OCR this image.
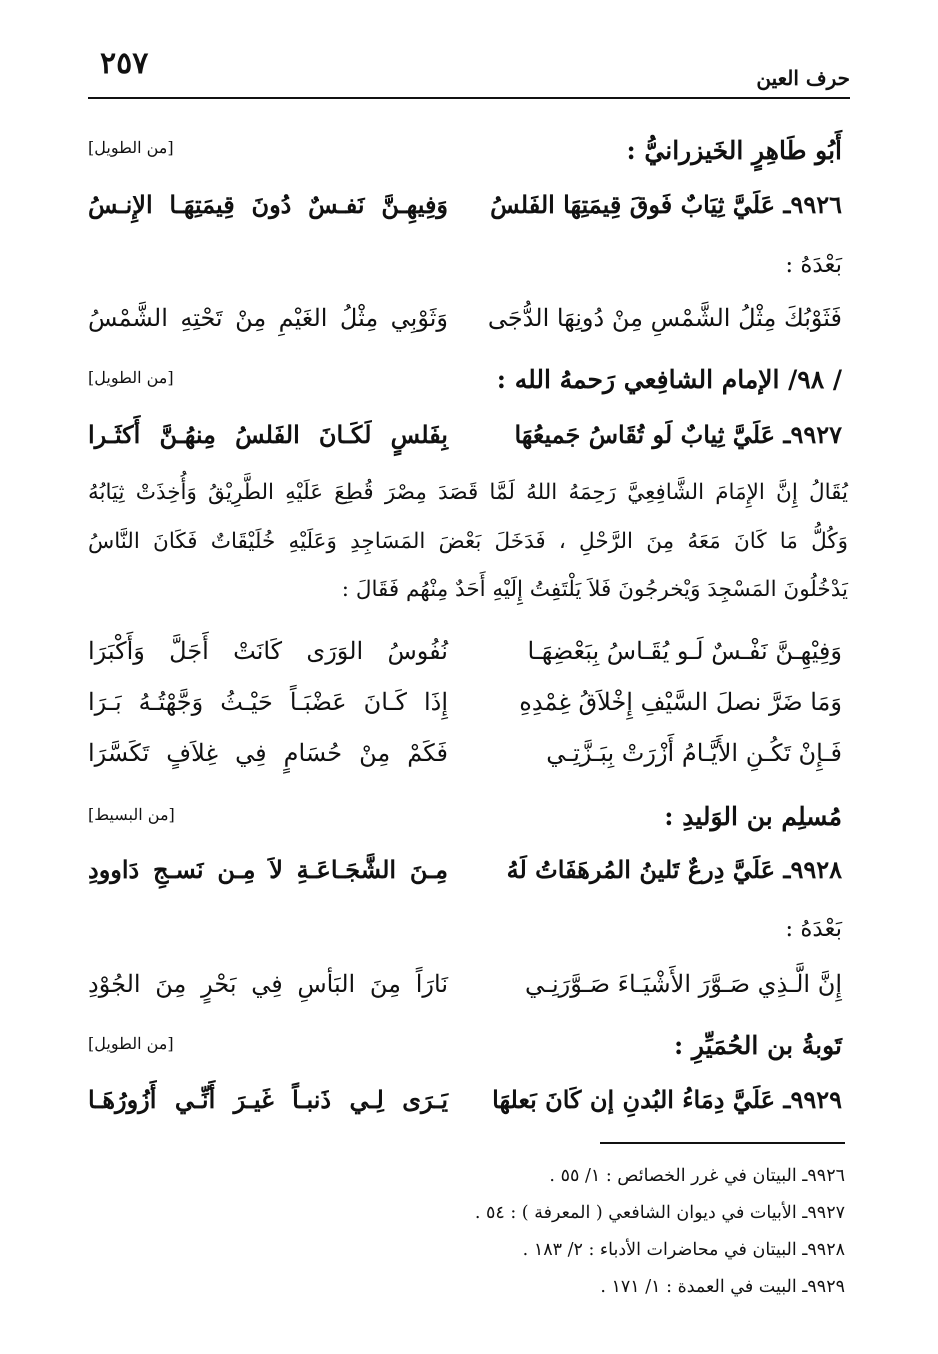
٢٥٧	حرف العين
أَبُو طَاهِرٍ الخَيزرانيُّ :
[من الطويل]
٩٩٢٦ـ عَلَيَّ ثِيَابٌ فَوقَ قِيمَتِهَا الفَلسُ
وَفِيهِـنَّ نَفـسٌ دُونَ قِيمَتِهَـا الإِنـسُ
بَعْدَهُ :
فَثَوْبُكَ مِثْلُ الشَّمْسِ مِنْ دُونِهَا الدُّجَى
وَثَوْبِي مِثْلُ الغَيْمِ مِنْ تَحْتِهِ الشَّمْسُ
/ ٩٨/ الإمام الشافِعي رَحمهُ الله :
[من الطويل]
٩٩٢٧ـ عَلَيَّ ثِيابٌ لَو تُقَاسُ جَميعُهَا
بِفَلسٍ لَكَـانَ الفَلسُ مِنهُـنَّ أَكثَـرا
يُقَالُ إِنَّ الإِمَامَ الشَّافِعِيَّ رَحِمَهُ اللهُ لَمَّا قَصَدَ مِصْرَ قُطِعَ عَلَيْهِ الطَّرِيْقُ وَأُخِذَتْ ثِيَابُهُ
وَكُلُّ مَا كَانَ مَعَهُ مِنَ الرَّحْلِ ، فَدَخَلَ بَعْضَ المَسَاجِدِ وَعَلَيْهِ خُلَيْقَاتٌ فَكَانَ النَّاسُ
يَدْخُلُونَ المَسْجِدَ وَيْخرجُونَ فَلاَ يَلْتَفِتُ إِلَيْهِ أَحَدٌ مِنْهُم فَقَالَ :
وَفِيْهِـنَّ نَفْـسٌ لَـو يُقَـاسُ بِبَعْضِهَـا
نُفُوسُ الوَرَى كَانَتْ أَجَلَّ وَأَكْبَرَا
وَمَا ضَرَّ نصلَ السَّيْفِ إِخْلاَقُ غِمْدِهِ
إِذَا كَـانَ عَضْبَـاً حَيْـثُ وَجَّهْتُـهُ بَـرَا
فَـإِنْ تَكُـنِ الأَيَّـامُ أَزْرَتْ بِبَـزَّتِـي
فَكَمْ مِنْ حُسَامٍ فِي غِلاَفٍ تَكَسَّرَا
مُسلِم بن الوَليدِ :
[من البسيط]
٩٩٢٨ـ عَلَيَّ دِرعٌ تَلينُ المُرهَفَاتُ لَهُ
مِـنَ الشَّجَـاعَـةِ لاَ مِـن نَسـجِ دَاوودِ
بَعْدَهُ :
إِنَّ الَّـذِي صَـوَّرَ الأَشْيَـاءَ صَـوَّرَنِـي
نَارَاً مِنَ البَأسِ فِي بَحْرٍ مِنَ الجُوْدِ
تَوبةُ بن الحُمَيِّرِ :
[من الطويل]
٩٩٢٩ـ عَلَيَّ دِمَاءُ البُدنِ إن كَانَ بَعلهَا
يَـرَى لِـي ذَنبـاً غَيـرَ أَنِّـي أَزُورُهَـا
٩٩٢٦ـ البيتان في غرر الخصائص : ١/ ٥٥ .
٩٩٢٧ـ الأبيات في ديوان الشافعي ( المعرفة ) : ٥٤ .
٩٩٢٨ـ البيتان في محاضرات الأدباء : ٢/ ١٨٣ .
٩٩٢٩ـ البيت في العمدة : ١/ ١٧١ .
